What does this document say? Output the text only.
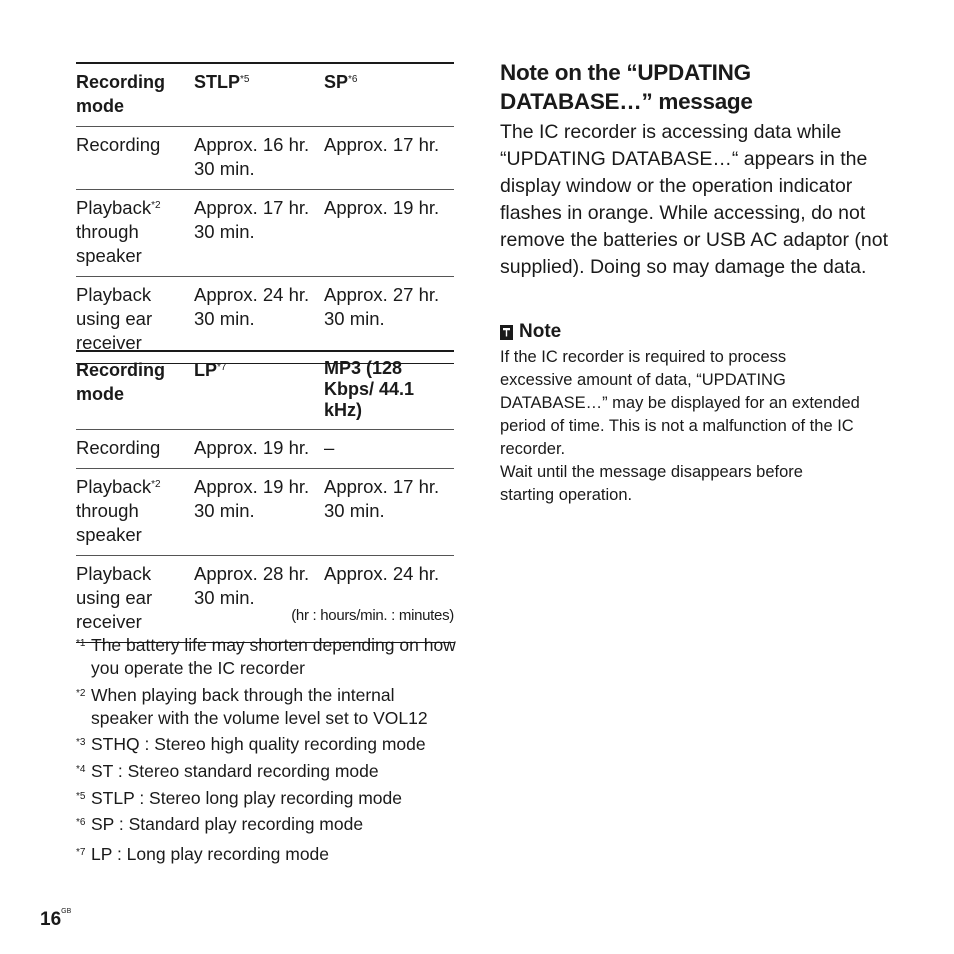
Recording mode	STLP$^{*5}$	SP$^{*6}$
Recording	Approx. 16 hr. 30 min.	Approx. 17 hr.
Playback$^{*2}$ through speaker	Approx. 17 hr. 30 min.	Approx. 19 hr.
Playback using ear receiver	Approx. 24 hr. 30 min.	Approx. 27 hr. 30 min.
Recording mode	LP$^{*7}$	MP3 (128 Kbps/ 44.1 kHz)
Recording	Approx. 19 hr.	–
Playback$^{*2}$ through speaker	Approx. 19 hr. 30 min.	Approx. 17 hr. 30 min.
Playback using ear receiver	Approx. 28 hr. 30 min.	Approx. 24 hr.
(hr : hours/min. : minutes)
*1 The battery life may shorten depending on how you operate the IC recorder
*2 When playing back through the internal speaker with the volume level set to VOL12
*3 STHQ : Stereo high quality recording mode
*4 ST : Stereo standard recording mode
*5 STLP : Stereo long play recording mode
*6 SP : Standard play recording mode
*7 LP : Long play recording mode
Note on the “UPDATING DATABASE…” message
The IC recorder is accessing data while “UPDATING DATABASE…“ appears in the display window or the operation indicator flashes in orange. While accessing, do not remove the batteries or USB AC adaptor (not supplied). Doing so may damage the data.
Note
If the IC recorder is required to process excessive amount of data, “UPDATING DATABASE…” may be displayed for an extended period of time. This is not a malfunction of the IC recorder.
Wait until the message disappears before starting operation.
$16^{GB}$
